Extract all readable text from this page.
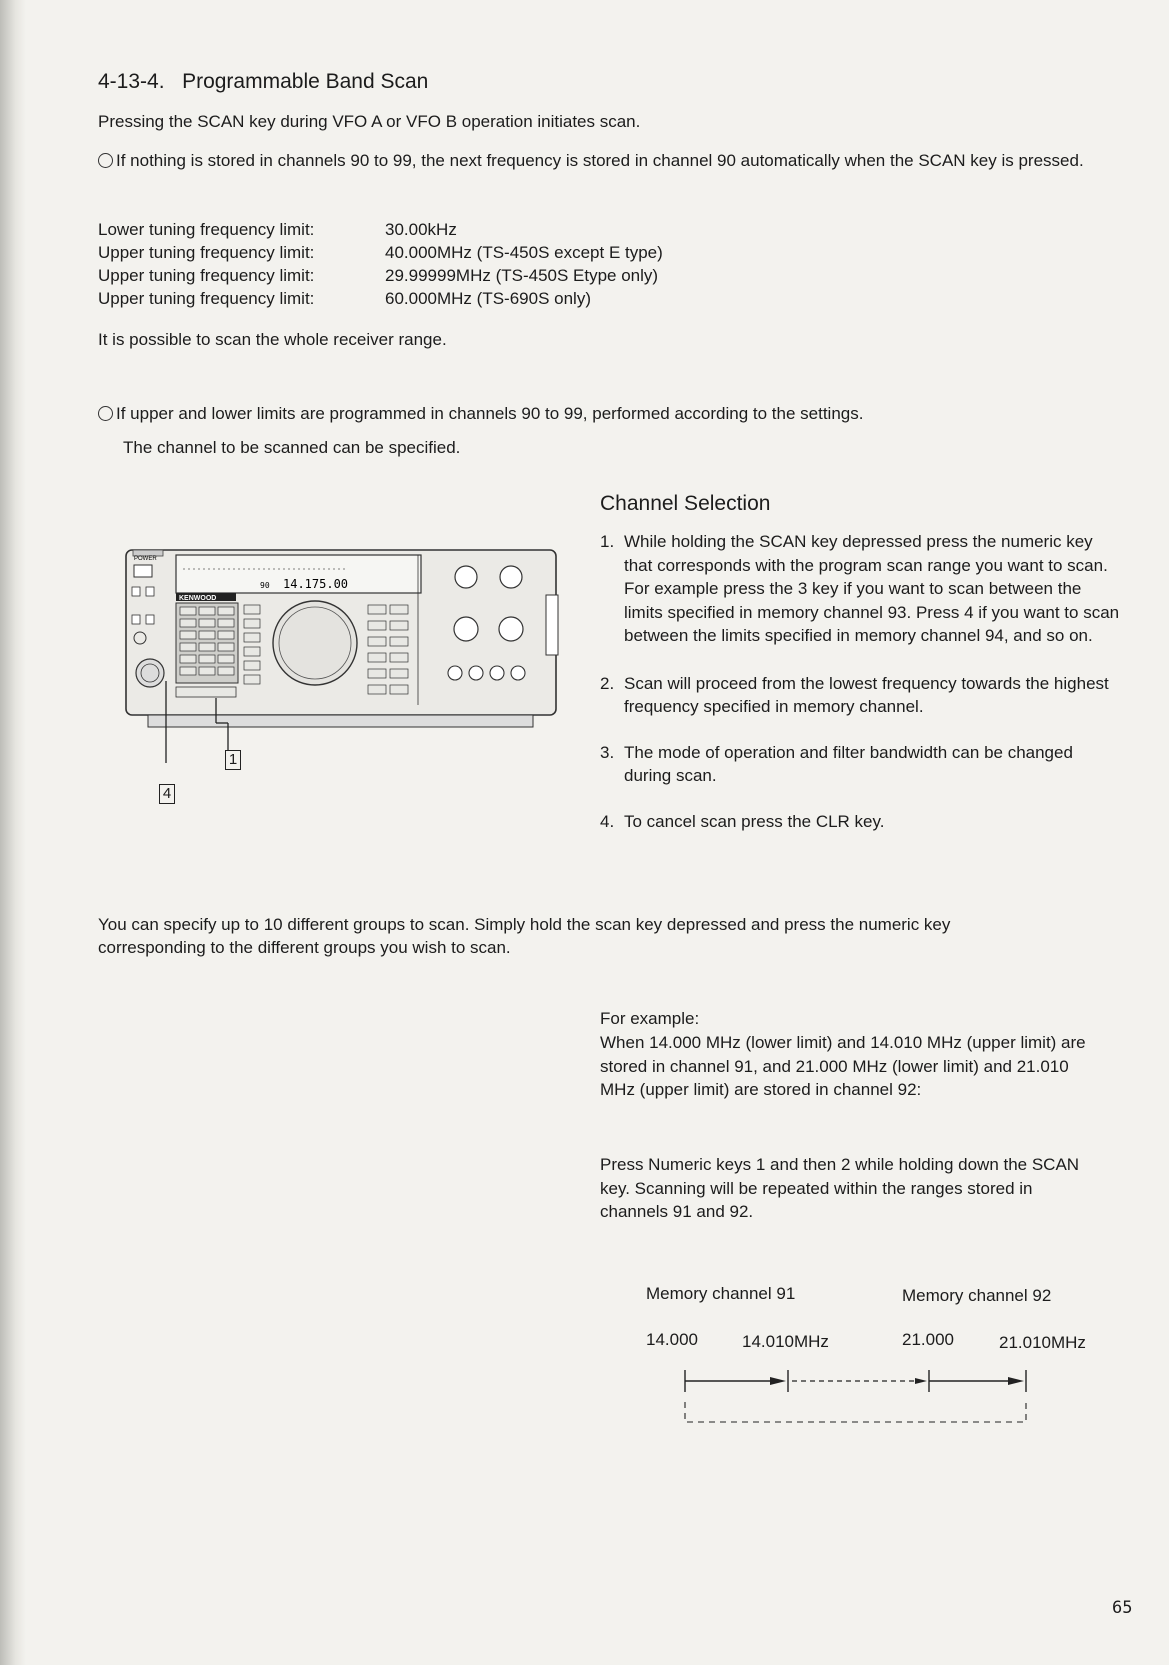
4-13-4. Programmable Band Scan
Pressing the SCAN key during VFO A or VFO B operation initiates scan.
If nothing is stored in channels 90 to 99, the next frequency is stored in channel 90 automatically when the SCAN key is pressed.
Lower tuning frequency limit:	30.00kHz
Upper tuning frequency limit:	40.000MHz (TS-450S except E type)
Upper tuning frequency limit:	29.99999MHz (TS-450S Etype only)
Upper tuning frequency limit:	60.000MHz (TS-690S only)
It is possible to scan the whole receiver range.
If upper and lower limits are programmed in channels 90 to 99, performed according to the settings.
The channel to be scanned can be specified.
POWER
14.175.00
90
KENWOOD
1
4
Channel Selection
1. While holding the SCAN key depressed press the numeric key that corresponds with the program scan range you want to scan.
For example press the 3 key if you want to scan between the limits specified in memory channel 93. Press 4 if you want to scan between the limits specified in memory channel 94, and so on.
2. Scan will proceed from the lowest frequency towards the highest frequency specified in memory channel.
3. The mode of operation and filter bandwidth can be changed during scan.
4. To cancel scan press the CLR key.
You can specify up to 10 different groups to scan. Simply hold the scan key depressed and press the numeric key corresponding to the different groups you wish to scan.
For example:
When 14.000 MHz (lower limit) and 14.010 MHz (upper limit) are stored in channel 91, and 21.000 MHz (lower limit) and 21.010 MHz (upper limit) are stored in channel 92:
Press Numeric keys 1 and then 2 while holding down the SCAN key. Scanning will be repeated within the ranges stored in channels 91 and 92.
Memory channel 91	Memory channel 92
14.000	14.010MHz	21.000	21.010MHz
65
